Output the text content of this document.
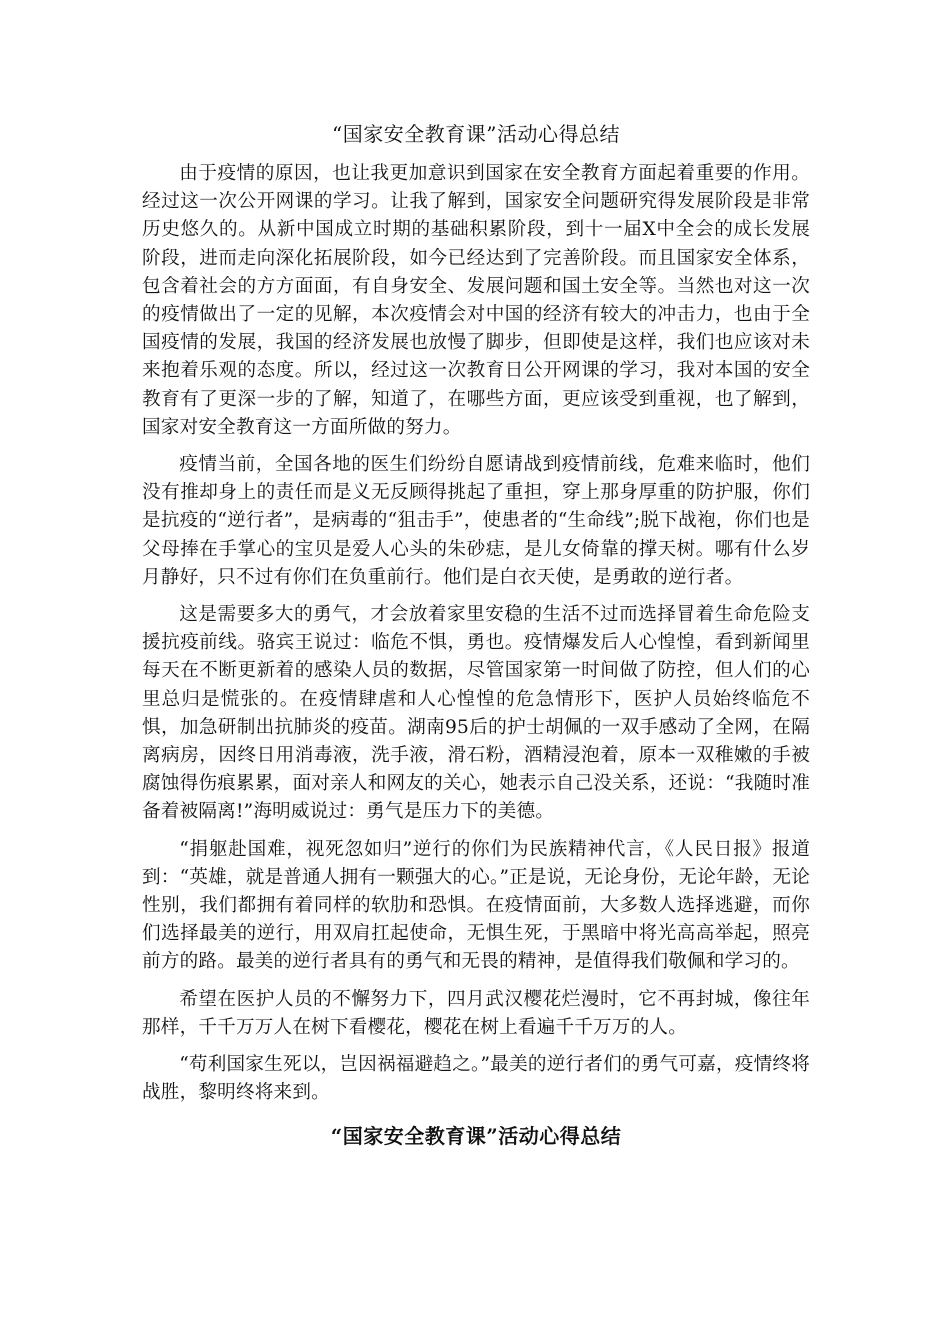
“国家安全教育课”活动心得总结

由于疫情的原因，也让我更加意识到国家在安全教育方面起着重要的作用。经过这一次公开网课的学习。让我了解到，国家安全问题研究得发展阶段是非常历史悠久的。从新中国成立时期的基础积累阶段，到十一届Ⅹ中全会的成长发展阶段，进而走向深化拓展阶段，如今已经达到了完善阶段。而且国家安全体系，包含着社会的方方面面，有自身安全、发展问题和国土安全等。当然也对这一次的疫情做出了一定的见解，本次疫情会对中国的经济有较大的冲击力，也由于全国疫情的发展，我国的经济发展也放慢了脚步，但即使是这样，我们也应该对未来抱着乐观的态度。所以，经过这一次教育日公开网课的学习，我对本国的安全教育有了更深一步的了解，知道了，在哪些方面，更应该受到重视，也了解到，国家对安全教育这一方面所做的努力。

疫情当前，全国各地的医生们纷纷自愿请战到疫情前线，危难来临时，他们没有推却身上的责任而是义无反顾得挑起了重担，穿上那身厚重的防护服，你们是抗疫的“逆行者”，是病毒的“狙击手”，使患者的“生命线”;脱下战袍，你们也是父母捧在手掌心的宝贝是爱人心头的朱砂痣，是儿女倚靠的撑天树。哪有什么岁月静好，只不过有你们在负重前行。他们是白衣天使，是勇敢的逆行者。

这是需要多大的勇气，才会放着家里安稳的生活不过而选择冒着生命危险支援抗疫前线。骆宾王说过：临危不惧，勇也。疫情爆发后人心惶惶，看到新闻里每天在不断更新着的感染人员的数据，尽管国家第一时间做了防控，但人们的心里总归是慌张的。在疫情肆虐和人心惶惶的危急情形下，医护人员始终临危不惧，加急研制出抗肺炎的疫苗。湖南95后的护士胡佩的一双手感动了全网，在隔离病房，因终日用消毒液，洗手液，滑石粉，酒精浸泡着，原本一双稚嫩的手被腐蚀得伤痕累累，面对亲人和网友的关心，她表示自己没关系，还说：“我随时准备着被隔离!”海明威说过：勇气是压力下的美德。

“捐躯赴国难，视死忽如归”逆行的你们为民族精神代言，《人民日报》报道到：“英雄，就是普通人拥有一颗强大的心。”正是说，无论身份，无论年龄，无论性别，我们都拥有着同样的软肋和恐惧。在疫情面前，大多数人选择逃避，而你们选择最美的逆行，用双肩扛起使命，无惧生死，于黑暗中将光高高举起，照亮前方的路。最美的逆行者具有的勇气和无畏的精神，是值得我们敬佩和学习的。

希望在医护人员的不懈努力下，四月武汉樱花烂漫时，它不再封城，像往年那样，千千万万人在树下看樱花，樱花在树上看遍千千万万的人。

“苟利国家生死以，岂因祸福避趋之。”最美的逆行者们的勇气可嘉，疫情终将战胜，黎明终将来到。

“国家安全教育课”活动心得总结
